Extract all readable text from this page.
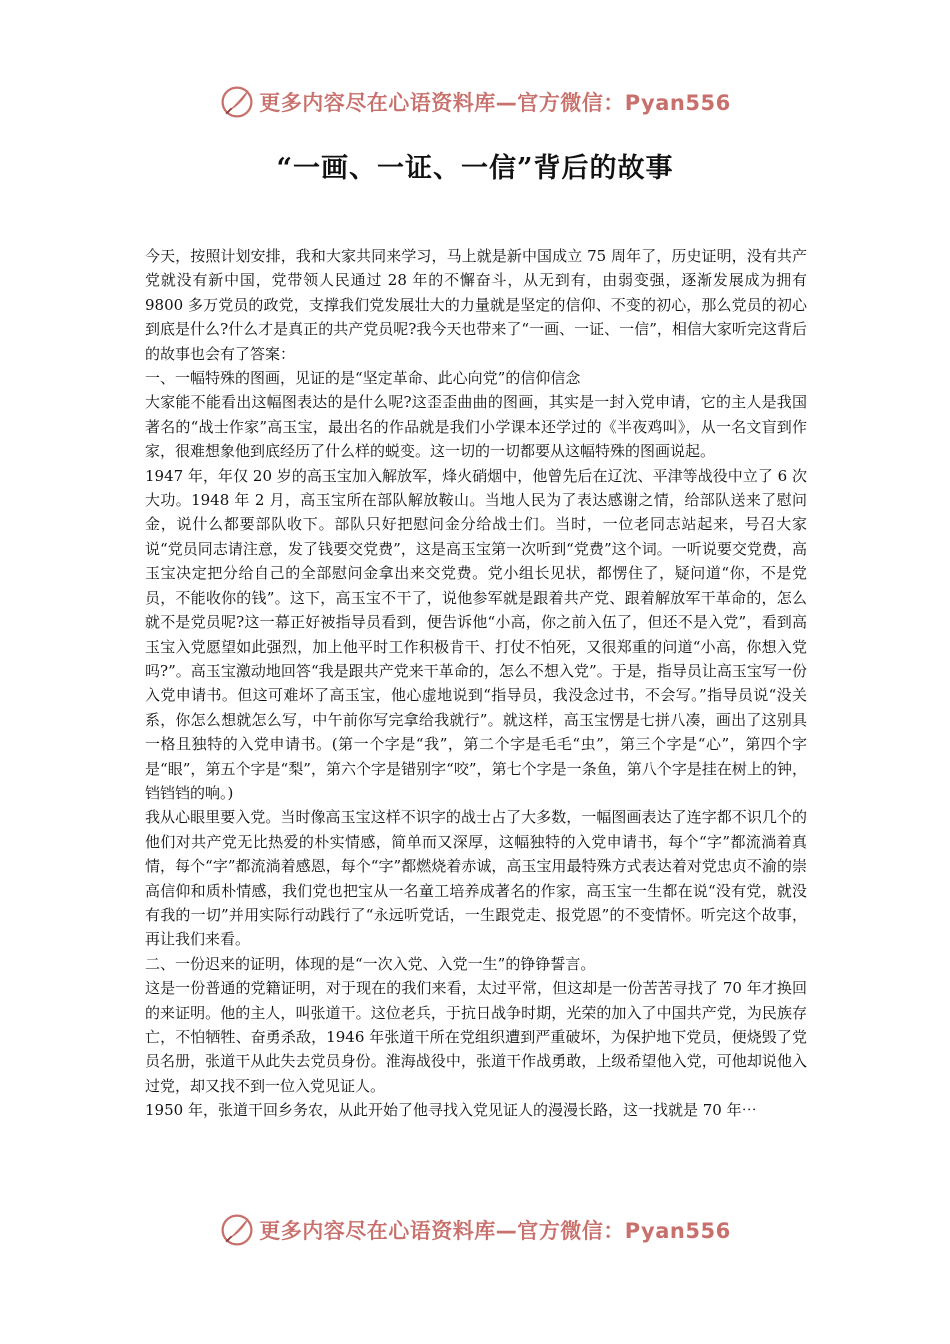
更多内容尽在心语资料库—官方微信：Pyan556
“一画、一证、一信”背后的故事

今天，按照计划安排，我和大家共同来学习，马上就是新中国成立 75 周年了，历史证明，没有共产党就没有新中国，党带领人民通过 28 年的不懈奋斗，从无到有，由弱变强，逐渐发展成为拥有 9800 多万党员的政党，支撑我们党发展壮大的力量就是坚定的信仰、不变的初心，那么党员的初心到底是什么?什么才是真正的共产党员呢?我今天也带来了“一画、一证、一信”，相信大家听完这背后的故事也会有了答案：

一、一幅特殊的图画，见证的是“坚定革命、此心向党”的信仰信念

大家能不能看出这幅图表达的是什么呢?这歪歪曲曲的图画，其实是一封入党申请，它的主人是我国著名的“战士作家”高玉宝，最出名的作品就是我们小学课本还学过的《半夜鸡叫》，从一名文盲到作家，很难想象他到底经历了什么样的蜕变。这一切的一切都要从这幅特殊的图画说起。

1947 年，年仅 20 岁的高玉宝加入解放军，烽火硝烟中，他曾先后在辽沈、平津等战役中立了 6 次大功。1948 年 2 月，高玉宝所在部队解放鞍山。当地人民为了表达感谢之情，给部队送来了慰问金，说什么都要部队收下。部队只好把慰问金分给战士们。当时，一位老同志站起来，号召大家说“党员同志请注意，发了钱要交党费”，这是高玉宝第一次听到“党费”这个词。一听说要交党费，高玉宝决定把分给自己的全部慰问金拿出来交党费。党小组长见状，都愣住了，疑问道“你，不是党员，不能收你的钱”。这下，高玉宝不干了，说他参军就是跟着共产党、跟着解放军干革命的，怎么就不是党员呢?这一幕正好被指导员看到，便告诉他“小高，你之前入伍了，但还不是入党”，看到高玉宝入党愿望如此强烈，加上他平时工作积极肯干、打仗不怕死，又很郑重的问道“小高，你想入党吗?”。高玉宝激动地回答“我是跟共产党来干革命的，怎么不想入党”。于是，指导员让高玉宝写一份入党申请书。但这可难坏了高玉宝，他心虚地说到“指导员，我没念过书，不会写。”指导员说“没关系，你怎么想就怎么写，中午前你写完拿给我就行”。就这样，高玉宝愣是七拼八凑，画出了这别具一格且独特的入党申请书。(第一个字是“我”，第二个字是毛毛“虫”，第三个字是“心”，第四个字是“眼”，第五个字是“梨”，第六个字是错别字“咬”，第七个字是一条鱼，第八个字是挂在树上的钟，铛铛铛的响。)

我从心眼里要入党。当时像高玉宝这样不识字的战士占了大多数，一幅图画表达了连字都不识几个的他们对共产党无比热爱的朴实情感，简单而又深厚，这幅独特的入党申请书，每个“字”都流淌着真情，每个“字”都流淌着感恩，每个“字”都燃烧着赤诚，高玉宝用最特殊方式表达着对党忠贞不渝的崇高信仰和质朴情感，我们党也把宝从一名童工培养成著名的作家，高玉宝一生都在说“没有党，就没有我的一切”并用实际行动践行了“永远听党话，一生跟党走、报党恩”的不变情怀。听完这个故事，再让我们来看。

二、一份迟来的证明，体现的是“一次入党、入党一生”的铮铮誓言。

这是一份普通的党籍证明，对于现在的我们来看，太过平常，但这却是一份苦苦寻找了 70 年才换回的来证明。他的主人，叫张道干。这位老兵，于抗日战争时期，光荣的加入了中国共产党，为民族存亡，不怕牺牲、奋勇杀敌，1946 年张道干所在党组织遭到严重破坏，为保护地下党员，便烧毁了党员名册，张道干从此失去党员身份。淮海战役中，张道干作战勇敢，上级希望他入党，可他却说他入过党，却又找不到一位入党见证人。

1950 年，张道干回乡务农，从此开始了他寻找入党见证人的漫漫长路，这一找就是 70 年⋯

更多内容尽在心语资料库—官方微信：Pyan556
